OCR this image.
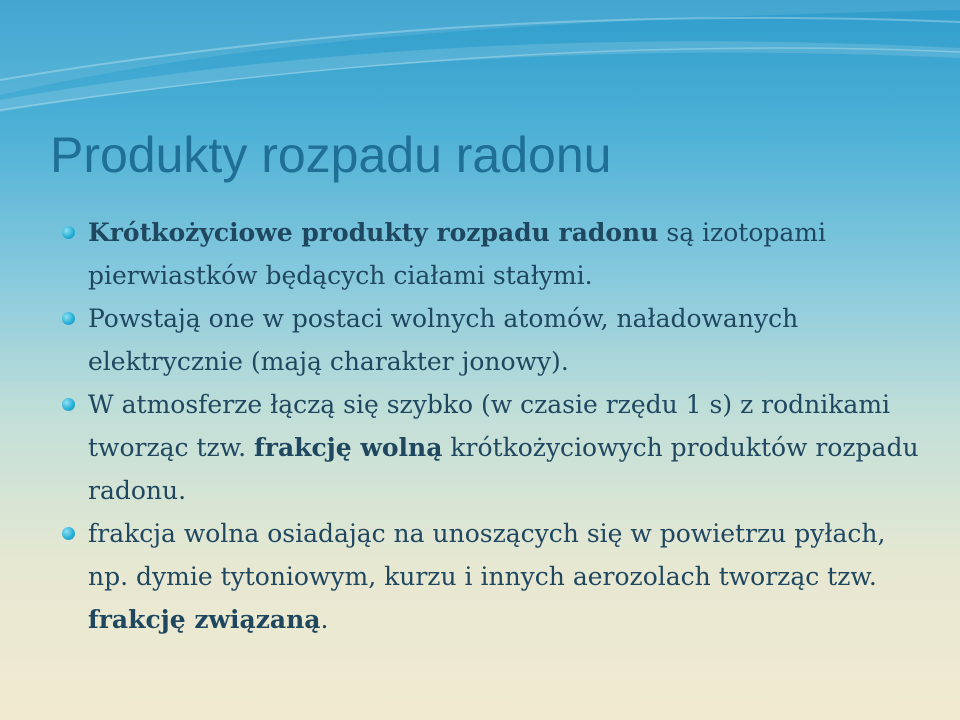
Produkty rozpadu radonu
Krótkożyciowe produkty rozpadu radonu są izotopami pierwiastków będących ciałami stałymi.
Powstają one w postaci wolnych atomów, naładowanych elektrycznie (mają charakter jonowy).
W atmosferze łączą się szybko (w czasie rzędu 1 s) z rodnikami tworząc tzw. frakcję wolną krótkożyciowych produktów rozpadu radonu.
frakcja wolna osiadając na unoszących się w powietrzu pyłach, np. dymie tytoniowym, kurzu i innych aerozolach tworząc tzw. frakcję związaną.
